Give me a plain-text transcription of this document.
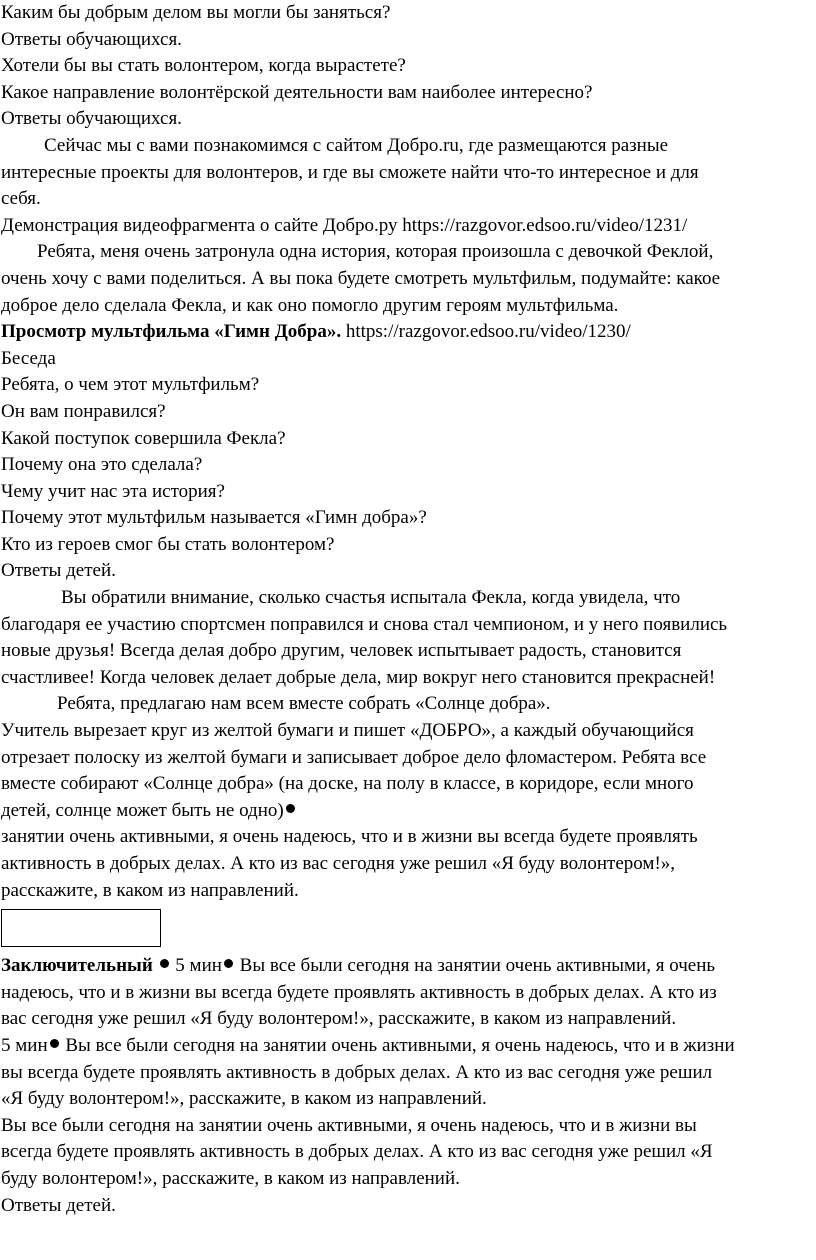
Каким бы добрым делом вы могли бы заняться?
Ответы обучающихся.
Хотели бы вы стать волонтером, когда вырастете?
Какое направление волонтёрской деятельности вам наиболее интересно?
Ответы обучающихся.
Сейчас мы с вами познакомимся с сайтом Добро.ru, где размещаются разные
интересные проекты для волонтеров, и где вы сможете найти что-то интересное и для
себя.
Демонстрация видеофрагмента о сайте Добро.ру https://razgovor.edsoo.ru/video/1231/
Ребята, меня очень затронула одна история, которая произошла с девочкой Феклой,
очень хочу с вами поделиться. А вы пока будете смотреть мультфильм, подумайте: какое
доброе дело сделала Фекла, и как оно помогло другим героям мультфильма.
Просмотр мультфильма «Гимн Добра». https://razgovor.edsoo.ru/video/1230/
Беседа
Ребята, о чем этот мультфильм?
Он вам понравился?
Какой поступок совершила Фекла?
Почему она это сделала?
Чему учит нас эта история?
Почему этот мультфильм называется «Гимн добра»?
Кто из героев смог бы стать волонтером?
Ответы детей.
Вы обратили внимание, сколько счастья испытала Фекла, когда увидела, что
благодаря ее участию спортсмен поправился и снова стал чемпионом, и у него появились
новые друзья! Всегда делая добро другим, человек испытывает радость, становится
счастливее! Когда человек делает добрые дела, мир вокруг него становится прекрасней!
Ребята, предлагаю нам всем вместе собрать «Солнце добра».
Учитель вырезает круг из желтой бумаги и пишет «ДОБРО», а каждый обучающийся
отрезает полоску из желтой бумаги и записывает доброе дело фломастером. Ребята все
вместе собирают «Солнце добра» (на доске, на полу в классе, в коридоре, если много
детей, солнце может быть не одно)
занятии очень активными, я очень надеюсь, что и в жизни вы всегда будете проявлять
активность в добрых делах. А кто из вас сегодня уже решил «Я буду волонтером!»,
расскажите, в каком из направлений.
Заключительный  5 мин Вы все были сегодня на занятии очень активными, я очень
надеюсь, что и в жизни вы всегда будете проявлять активность в добрых делах. А кто из
вас сегодня уже решил «Я буду волонтером!», расскажите, в каком из направлений.
5 мин Вы все были сегодня на занятии очень активными, я очень надеюсь, что и в жизни
вы всегда будете проявлять активность в добрых делах. А кто из вас сегодня уже решил
«Я буду волонтером!», расскажите, в каком из направлений.
Вы все были сегодня на занятии очень активными, я очень надеюсь, что и в жизни вы
всегда будете проявлять активность в добрых делах. А кто из вас сегодня уже решил «Я
буду волонтером!», расскажите, в каком из направлений.
Ответы детей.
